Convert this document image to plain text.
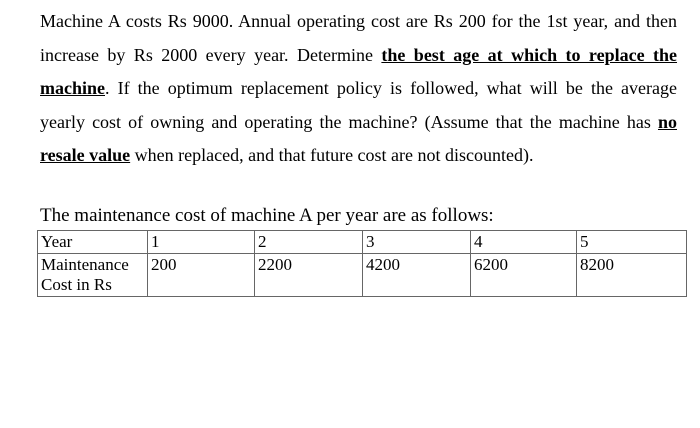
Machine A costs Rs 9000. Annual operating cost are Rs 200 for the 1st year, and then increase by Rs 2000 every year. Determine the best age at which to replace the machine. If the optimum replacement policy is followed, what will be the average yearly cost of owning and operating the machine? (Assume that the machine has no resale value when replaced, and that future cost are not discounted).

The maintenance cost of machine A per year are as follows:
Year	1	2	3	4	5
Maintenance
Cost in Rs	200	2200	4200	6200	8200
